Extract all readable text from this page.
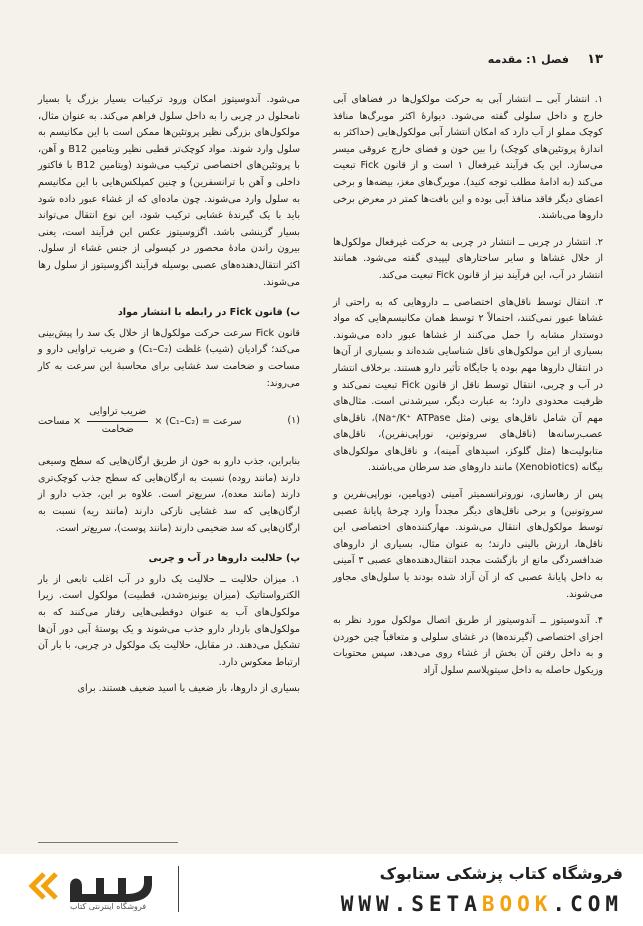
۱۳
فصل ۱: مقدمه

۱. انتشار آبی ــ انتشار آبی به حرکت مولکول‌ها در فضاهای آبی خارج و داخل سلولی گفته می‌شود. دیوارهٔ اکثر مویرگ‌ها منافذ کوچک مملو از آب دارد که امکان انتشار آبی مولکول‌هایی (حداکثر به اندازهٔ پروتئین‌های کوچک) را بین خون و فضای خارج عروقی میسر می‌سازد. این یک فرآیند غیرفعال ۱ است و از قانون Fick تبعیت می‌کند (به ادامهٔ مطلب توجه کنید). مویرگ‌های مغز، بیضه‌ها و برخی اعضای دیگر فاقد منافذ آبی بوده و این بافت‌ها کمتر در معرض برخی داروها می‌باشند.

۲. انتشار در چربی ــ انتشار در چربی به حرکت غیرفعال مولکول‌ها از خلال غشاها و سایر ساختارهای لیپیدی گفته می‌شود. همانند انتشار در آب، این فرآیند نیز از قانون Fick تبعیت می‌کند.

۳. انتقال توسط ناقل‌های اختصاصی ــ داروهایی که به راحتی از غشاها عبور نمی‌کنند، احتمالاً ۲ توسط همان مکانیسم‌هایی که مواد دوستدار مشابه را حمل می‌کنند از غشاها عبور داده می‌شوند. بسیاری از این مولکول‌های ناقل شناسایی شده‌اند و بسیاری از آن‌ها در انتقال داروها مهم بوده یا جایگاه تأثیر دارو هستند. برخلاف انتشار در آب و چربی، انتقال توسط ناقل از قانون Fick تبعیت نمی‌کند و ظرفیت محدودی دارد؛ به عبارت دیگر، سیرشدنی است. مثال‌های مهم آن شامل ناقل‌های یونی (مثل Na⁺/K⁺ ATPase)، ناقل‌های عصب‌رسانه‌ها (ناقل‌های سروتونین، نوراپی‌نفرین)، ناقل‌های متابولیت‌ها (مثل گلوکز، اسیدهای آمینه)، و ناقل‌های مولکول‌های بیگانه (Xenobiotics) مانند داروهای ضد سرطان می‌باشند.

پس از رهاسازی، نوروترانسمیتر آمینی (دوپامین، نوراپی‌نفرین و سروتونین) و برخی ناقل‌های دیگر مجدداً وارد چرخهٔ پایانهٔ عصبی توسط مولکول‌های انتقال می‌شوند. مهارکننده‌های اختصاصی این ناقل‌ها، ارزش بالینی دارند؛ به عنوان مثال، بسیاری از داروهای ضدافسردگی مانع از بازگشت مجدد انتقال‌دهنده‌های عصبی ۳ آمینی به داخل پایانهٔ عصبی که از آن آزاد شده بودند یا سلول‌های مجاور می‌شوند.

۴. آندوسیتوز ــ آندوسیتوز از طریق اتصال مولکول مورد نظر به اجزای اختصاصی (گیرنده‌ها) در غشای سلولی و متعاقباً چین خوردن و به داخل رفتن آن بخش از غشاء روی می‌دهد، سپس محتویات وزیکول حاصله به داخل سیتوپلاسم سلول آزاد

می‌شود. آندوسیتوز امکان ورود ترکیبات بسیار بزرگ یا بسیار نامحلول در چربی را به داخل سلول فراهم می‌کند. به عنوان مثال، مولکول‌های بزرگی نظیر پروتئین‌ها ممکن است با این مکانیسم به سلول وارد شوند. مواد کوچک‌تر قطبی نظیر ویتامین B12 و آهن، با پروتئین‌های اختصاصی ترکیب می‌شوند (ویتامین B12 با فاکتور داخلی و آهن با ترانسفرین) و چنین کمپلکس‌هایی با این مکانیسم به سلول وارد می‌شوند. چون ماده‌ای که از غشاء عبور داده شود باید با یک گیرندهٔ غشایی ترکیب شود، این نوع انتقال می‌تواند بسیار گزینشی باشد. اگزوسیتوز عکس این فرآیند است، یعنی بیرون راندن مادهٔ محصور در کپسولی از جنس غشاء از سلول. اکثر انتقال‌دهنده‌های عصبی بوسیله فرآیند اگزوسیتوز از سلول رها می‌شوند.

ب) قانون Fick در رابطه با انتشار مواد

قانون Fick سرعت حرکت مولکول‌ها از خلال یک سد را پیش‌بینی می‌کند؛ گرادیان (شیب) غلظت (C₁–C₂) و ضریب تراوایی دارو و مساحت و ضخامت سد غشایی برای محاسبهٔ این سرعت به کار می‌روند:

(۱)
سرعت = (C₁–C₂) ×
$\frac{\text{ضریب تراوایی}}{\text{ضخامت}}$
× مساحت

بنابراین، جذب دارو به خون از طریق ارگان‌هایی که سطح وسیعی دارند (مانند روده) نسبت به ارگان‌هایی که سطح جذب کوچک‌تری دارند (مانند معده)، سریع‌تر است. علاوه بر این، جذب دارو از ارگان‌هایی که سد غشایی نازکی دارند (مانند ریه) نسبت به ارگان‌هایی که سد ضخیمی دارند (مانند پوست)، سریع‌تر است.

پ) حلالیت داروها در آب و چربی

۱. میزان حلالیت ــ حلالیت یک دارو در آب اغلب تابعی از بار الکترواستاتیک (میزان یونیزه‌شدن، قطبیت) مولکول است. زیرا مولکول‌های آب به عنوان دوقطبی‌هایی رفتار می‌کنند که به مولکول‌های باردار دارو جذب می‌شوند و یک پوستهٔ آبی دور آن‌ها تشکیل می‌دهند. در مقابل، حلالیت یک مولکول در چربی، با بار آن ارتباط معکوس دارد.

بسیاری از داروها، باز ضعیف یا اسید ضعیف هستند. برای

فروشگاه اینترنتی کتاب
فروشگاه کتاب پزشکی ستابوک
WWW.SETABOOK.COM
